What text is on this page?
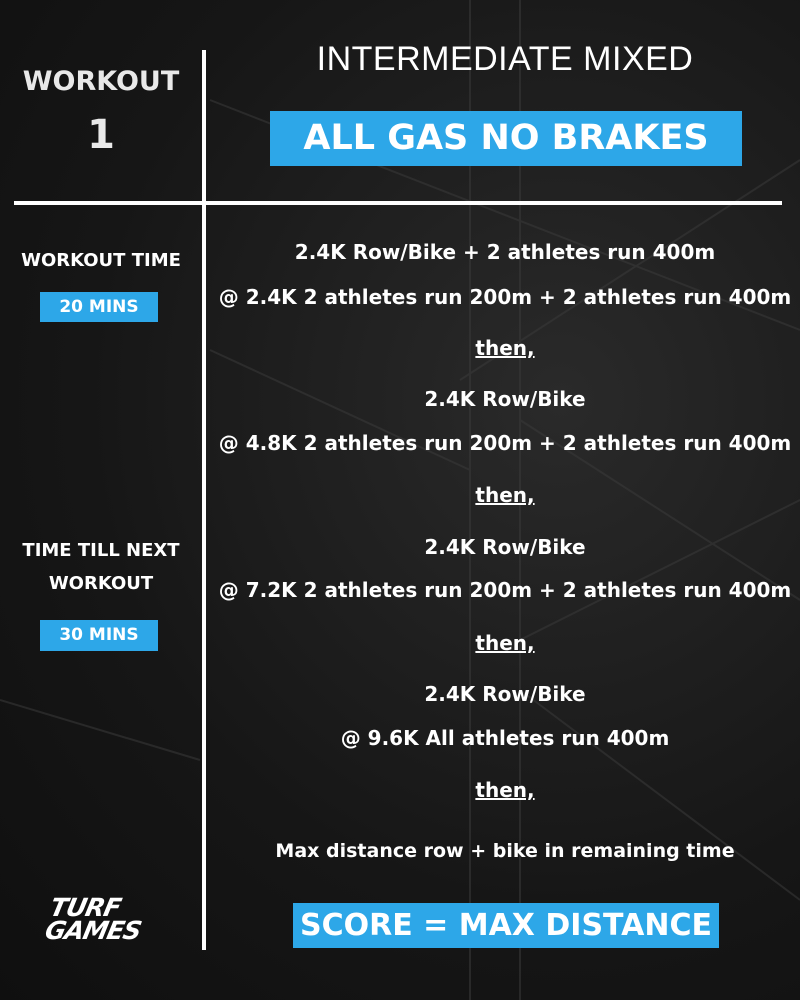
WORKOUT
1
INTERMEDIATE MIXED
ALL GAS NO BRAKES
WORKOUT TIME
20 MINS
TIME TILL NEXT
WORKOUT
30 MINS
2.4K Row/Bike + 2 athletes run 400m
@ 2.4K 2 athletes run 200m + 2 athletes run 400m
then,
2.4K Row/Bike
@ 4.8K 2 athletes run 200m + 2 athletes run 400m
then,
2.4K Row/Bike
@ 7.2K 2 athletes run 200m + 2 athletes run 400m
then,
2.4K Row/Bike
@ 9.6K All athletes run 400m
then,
Max distance row + bike in remaining time
SCORE = MAX DISTANCE
TURF
GAMES
